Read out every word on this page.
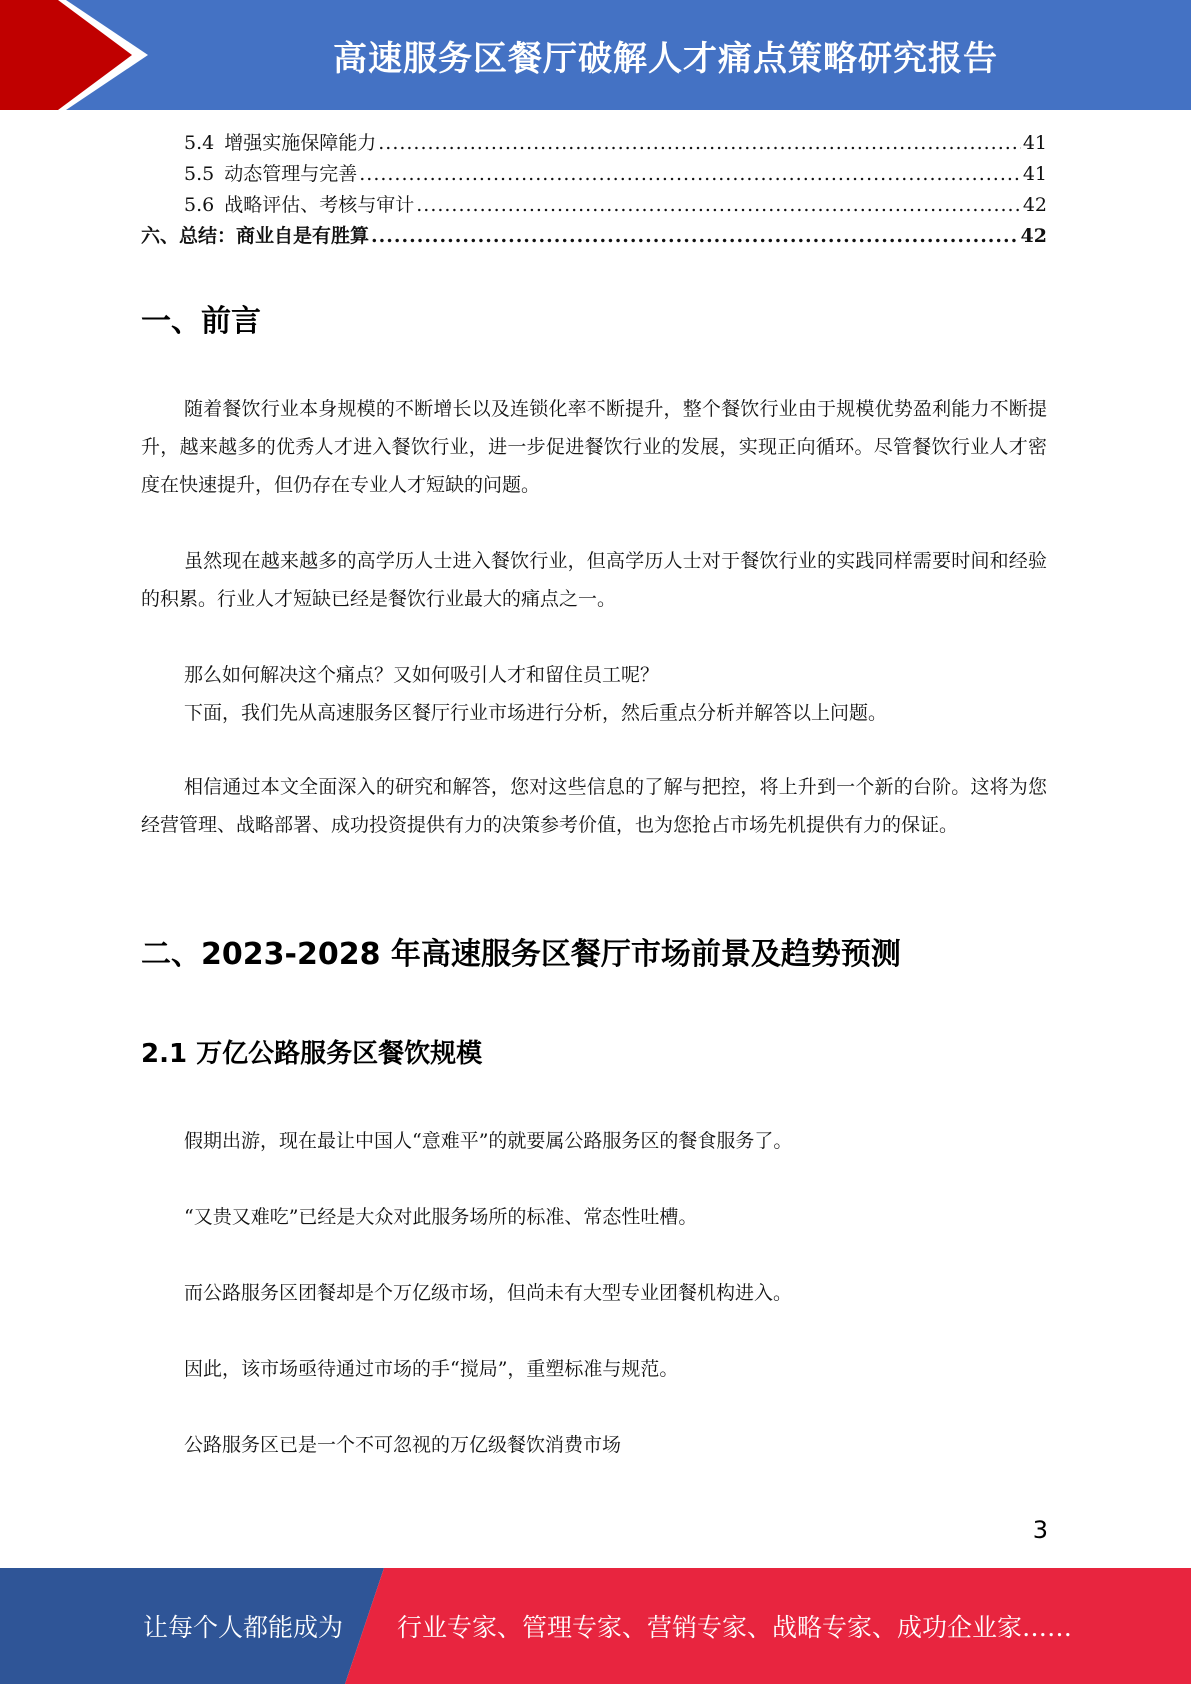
高速服务区餐厅破解人才痛点策略研究报告
5.4 增强实施保障能力 .....	41
5.5 动态管理与完善 .....	41
5.6 战略评估、考核与审计 .....	42
六、总结：商业自是有胜算 .....	42
一、前言

随着餐饮行业本身规模的不断增长以及连锁化率不断提升，整个餐饮行业由于规模优势盈利能力不断提升，越来越多的优秀人才进入餐饮行业，进一步促进餐饮行业的发展，实现正向循环。尽管餐饮行业人才密度在快速提升，但仍存在专业人才短缺的问题。

虽然现在越来越多的高学历人士进入餐饮行业，但高学历人士对于餐饮行业的实践同样需要时间和经验的积累。行业人才短缺已经是餐饮行业最大的痛点之一。

那么如何解决这个痛点？又如何吸引人才和留住员工呢？

下面，我们先从高速服务区餐厅行业市场进行分析，然后重点分析并解答以上问题。

相信通过本文全面深入的研究和解答，您对这些信息的了解与把控，将上升到一个新的台阶。这将为您经营管理、战略部署、成功投资提供有力的决策参考价值，也为您抢占市场先机提供有力的保证。

二、2023-2028 年高速服务区餐厅市场前景及趋势预测
2.1 万亿公路服务区餐饮规模

假期出游，现在最让中国人“意难平”的就要属公路服务区的餐食服务了。

“又贵又难吃”已经是大众对此服务场所的标准、常态性吐槽。

而公路服务区团餐却是个万亿级市场，但尚未有大型专业团餐机构进入。

因此，该市场亟待通过市场的手“搅局”，重塑标准与规范。

公路服务区已是一个不可忽视的万亿级餐饮消费市场

3
让每个人都能成为 行业专家、管理专家、营销专家、战略专家、成功企业家……
